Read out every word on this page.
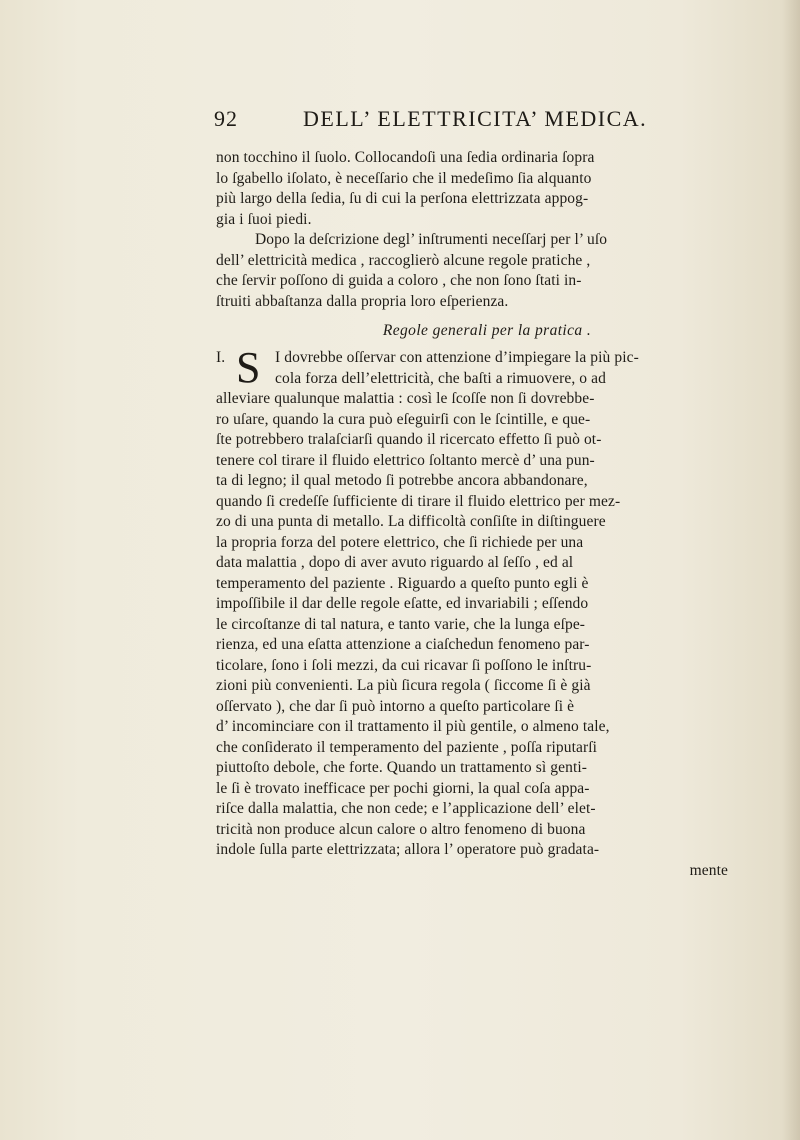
92	DELL’ ELETTRICITA’ MEDICA.
non tocchino il ſuolo. Collocandoſi una ſedia ordinaria ſopra
lo ſgabello iſolato, è neceſſario che il medeſimo ſia alquanto
più largo della ſedia, ſu di cui la perſona elettrizzata appog-
gia i ſuoi piedi.
Dopo la deſcrizione degl’ inſtrumenti neceſſarj per l’ uſo
dell’ elettricità medica , raccoglierò alcune regole pratiche ,
che ſervir poſſono di guida a coloro , che non ſono ſtati in-
ſtruiti abbaſtanza dalla propria loro eſperienza.
Regole generali per la pratica .
I. S I dovrebbe oſſervar con attenzione d’impiegare la più pic-
cola forza dell’elettricità, che baſti a rimuovere, o ad
alleviare qualunque malattia : così le ſcoſſe non ſi dovrebbe-
ro uſare, quando la cura può eſeguirſi con le ſcintille, e que-
ſte potrebbero tralaſciarſi quando il ricercato effetto ſi può ot-
tenere col tirare il fluido elettrico ſoltanto mercè d’ una pun-
ta di legno; il qual metodo ſi potrebbe ancora abbandonare,
quando ſi credeſſe ſufficiente di tirare il fluido elettrico per mez-
zo di una punta di metallo. La difficoltà conſiſte in diſtinguere
la propria forza del potere elettrico, che ſi richiede per una
data malattia , dopo di aver avuto riguardo al ſeſſo , ed al
temperamento del paziente . Riguardo a queſto punto egli è
impoſſibile il dar delle regole eſatte, ed invariabili ; eſſendo
le circoſtanze di tal natura, e tanto varie, che la lunga eſpe-
rienza, ed una eſatta attenzione a ciaſchedun fenomeno par-
ticolare, ſono i ſoli mezzi, da cui ricavar ſi poſſono le inſtru-
zioni più convenienti. La più ſicura regola ( ſiccome ſi è già
oſſervato ), che dar ſi può intorno a queſto particolare ſi è
d’ incominciare con il trattamento il più gentile, o almeno tale,
che conſiderato il temperamento del paziente , poſſa riputarſi
piuttoſto debole, che forte. Quando un trattamento sì genti-
le ſi è trovato inefficace per pochi giorni, la qual coſa appa-
riſce dalla malattia, che non cede; e l’applicazione dell’ elet-
tricità non produce alcun calore o altro fenomeno di buona
indole ſulla parte elettrizzata; allora l’ operatore può gradata-
mente
